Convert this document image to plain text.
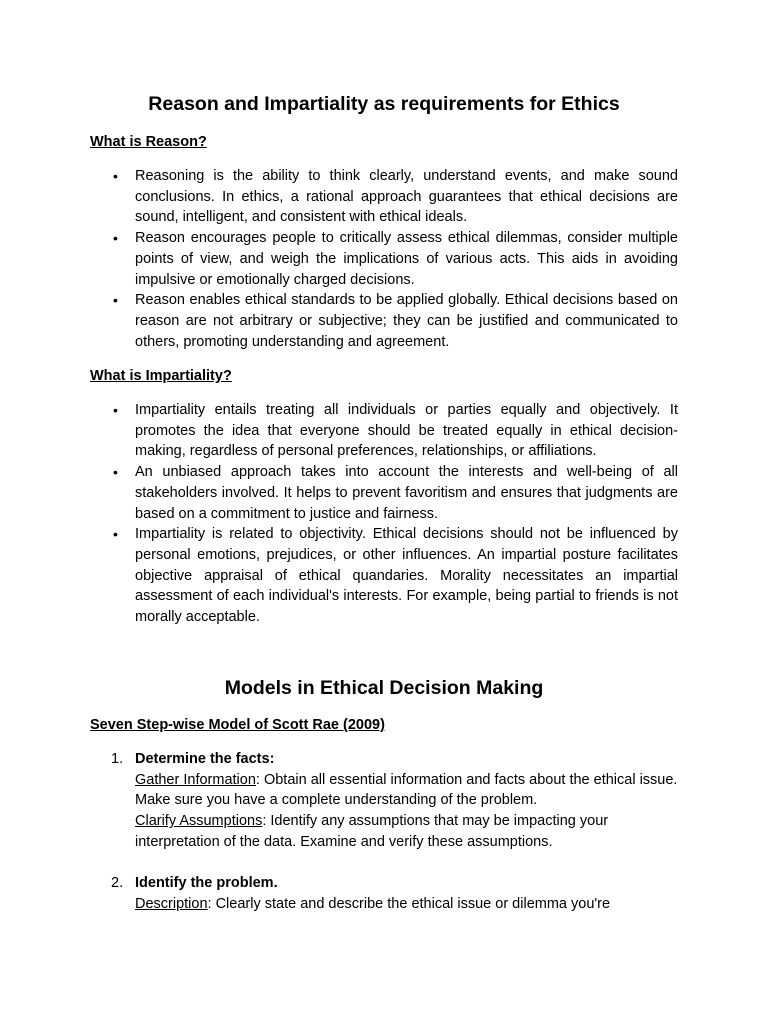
Reason and Impartiality as requirements for Ethics
What is Reason?
• Reasoning is the ability to think clearly, understand events, and make sound conclusions. In ethics, a rational approach guarantees that ethical decisions are sound, intelligent, and consistent with ethical ideals.
• Reason encourages people to critically assess ethical dilemmas, consider multiple points of view, and weigh the implications of various acts. This aids in avoiding impulsive or emotionally charged decisions.
• Reason enables ethical standards to be applied globally. Ethical decisions based on reason are not arbitrary or subjective; they can be justified and communicated to others, promoting understanding and agreement.
What is Impartiality?
• Impartiality entails treating all individuals or parties equally and objectively. It promotes the idea that everyone should be treated equally in ethical decision-making, regardless of personal preferences, relationships, or affiliations.
• An unbiased approach takes into account the interests and well-being of all stakeholders involved. It helps to prevent favoritism and ensures that judgments are based on a commitment to justice and fairness.
• Impartiality is related to objectivity. Ethical decisions should not be influenced by personal emotions, prejudices, or other influences. An impartial posture facilitates objective appraisal of ethical quandaries. Morality necessitates an impartial assessment of each individual's interests. For example, being partial to friends is not morally acceptable.
Models in Ethical Decision Making
Seven Step-wise Model of Scott Rae (2009)
1. Determine the facts:
Gather Information: Obtain all essential information and facts about the ethical issue. Make sure you have a complete understanding of the problem.
Clarify Assumptions: Identify any assumptions that may be impacting your interpretation of the data. Examine and verify these assumptions.
2. Identify the problem.
Description: Clearly state and describe the ethical issue or dilemma you're
